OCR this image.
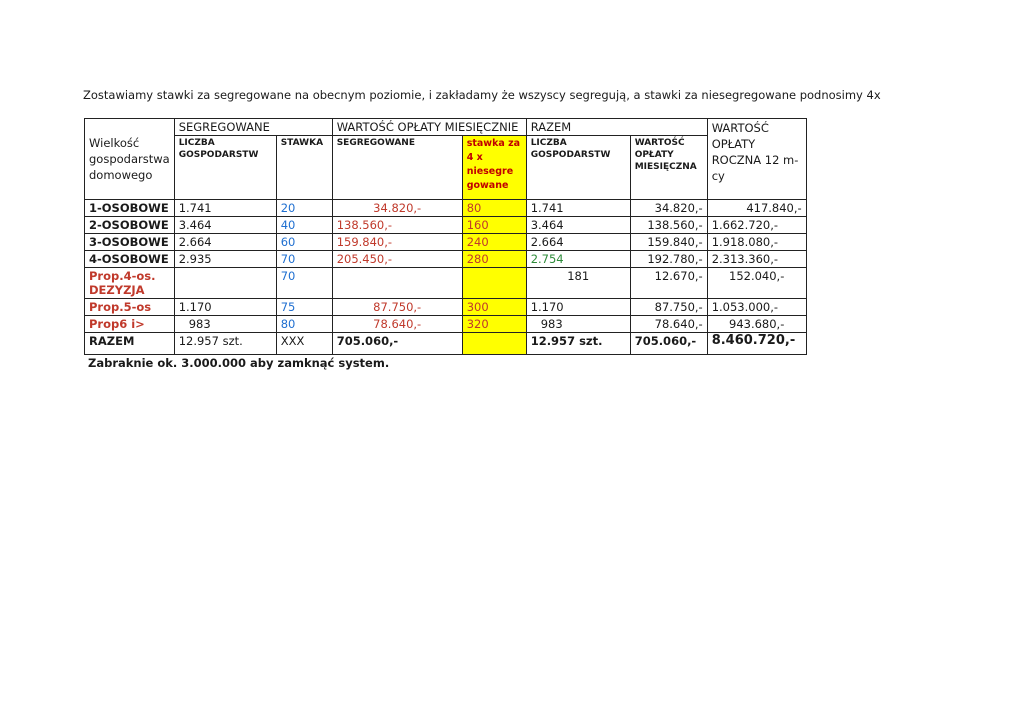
Zostawiamy stawki za segregowane na obecnym poziomie, i zakładamy że wszyscy segregują, a stawki za niesegregowane podnosimy 4x
Wielkość gospodarstwa domowego	SEGREGOWANE		WARTOŚĆ OPŁATY MIESIĘCZNIE		RAZEM		WARTOŚĆ OPŁATY ROCZNA 12 m-cy
	LICZBA GOSPODARSTW	STAWKA	SEGREGOWANE	stawka za 4 x niesegre gowane	LICZBA GOSPODARSTW	WARTOŚĆ OPŁATY MIESIĘCZNA	
1-OSOBOWE	1.741	20	34.820,-	80	1.741	34.820,-	417.840,-
2-OSOBOWE	3.464	40	138.560,-	160	3.464	138.560,-	1.662.720,-
3-OSOBOWE	2.664	60	159.840,-	240	2.664	159.840,-	1.918.080,-
4-OSOBOWE	2.935	70	205.450,-	280	2.754	192.780,-	2.313.360,-
Prop.4-os. DEZYZJA		70			181	12.670,-	152.040,-
Prop.5-os	1.170	75	87.750,-	300	1.170	87.750,-	1.053.000,-
Prop6 i>	983	80	78.640,-	320	983	78.640,-	943.680,-
RAZEM	12.957 szt.	XXX	705.060,-		12.957 szt.	705.060,-	8.460.720,-
Zabraknie ok. 3.000.000 aby zamknąć system.
